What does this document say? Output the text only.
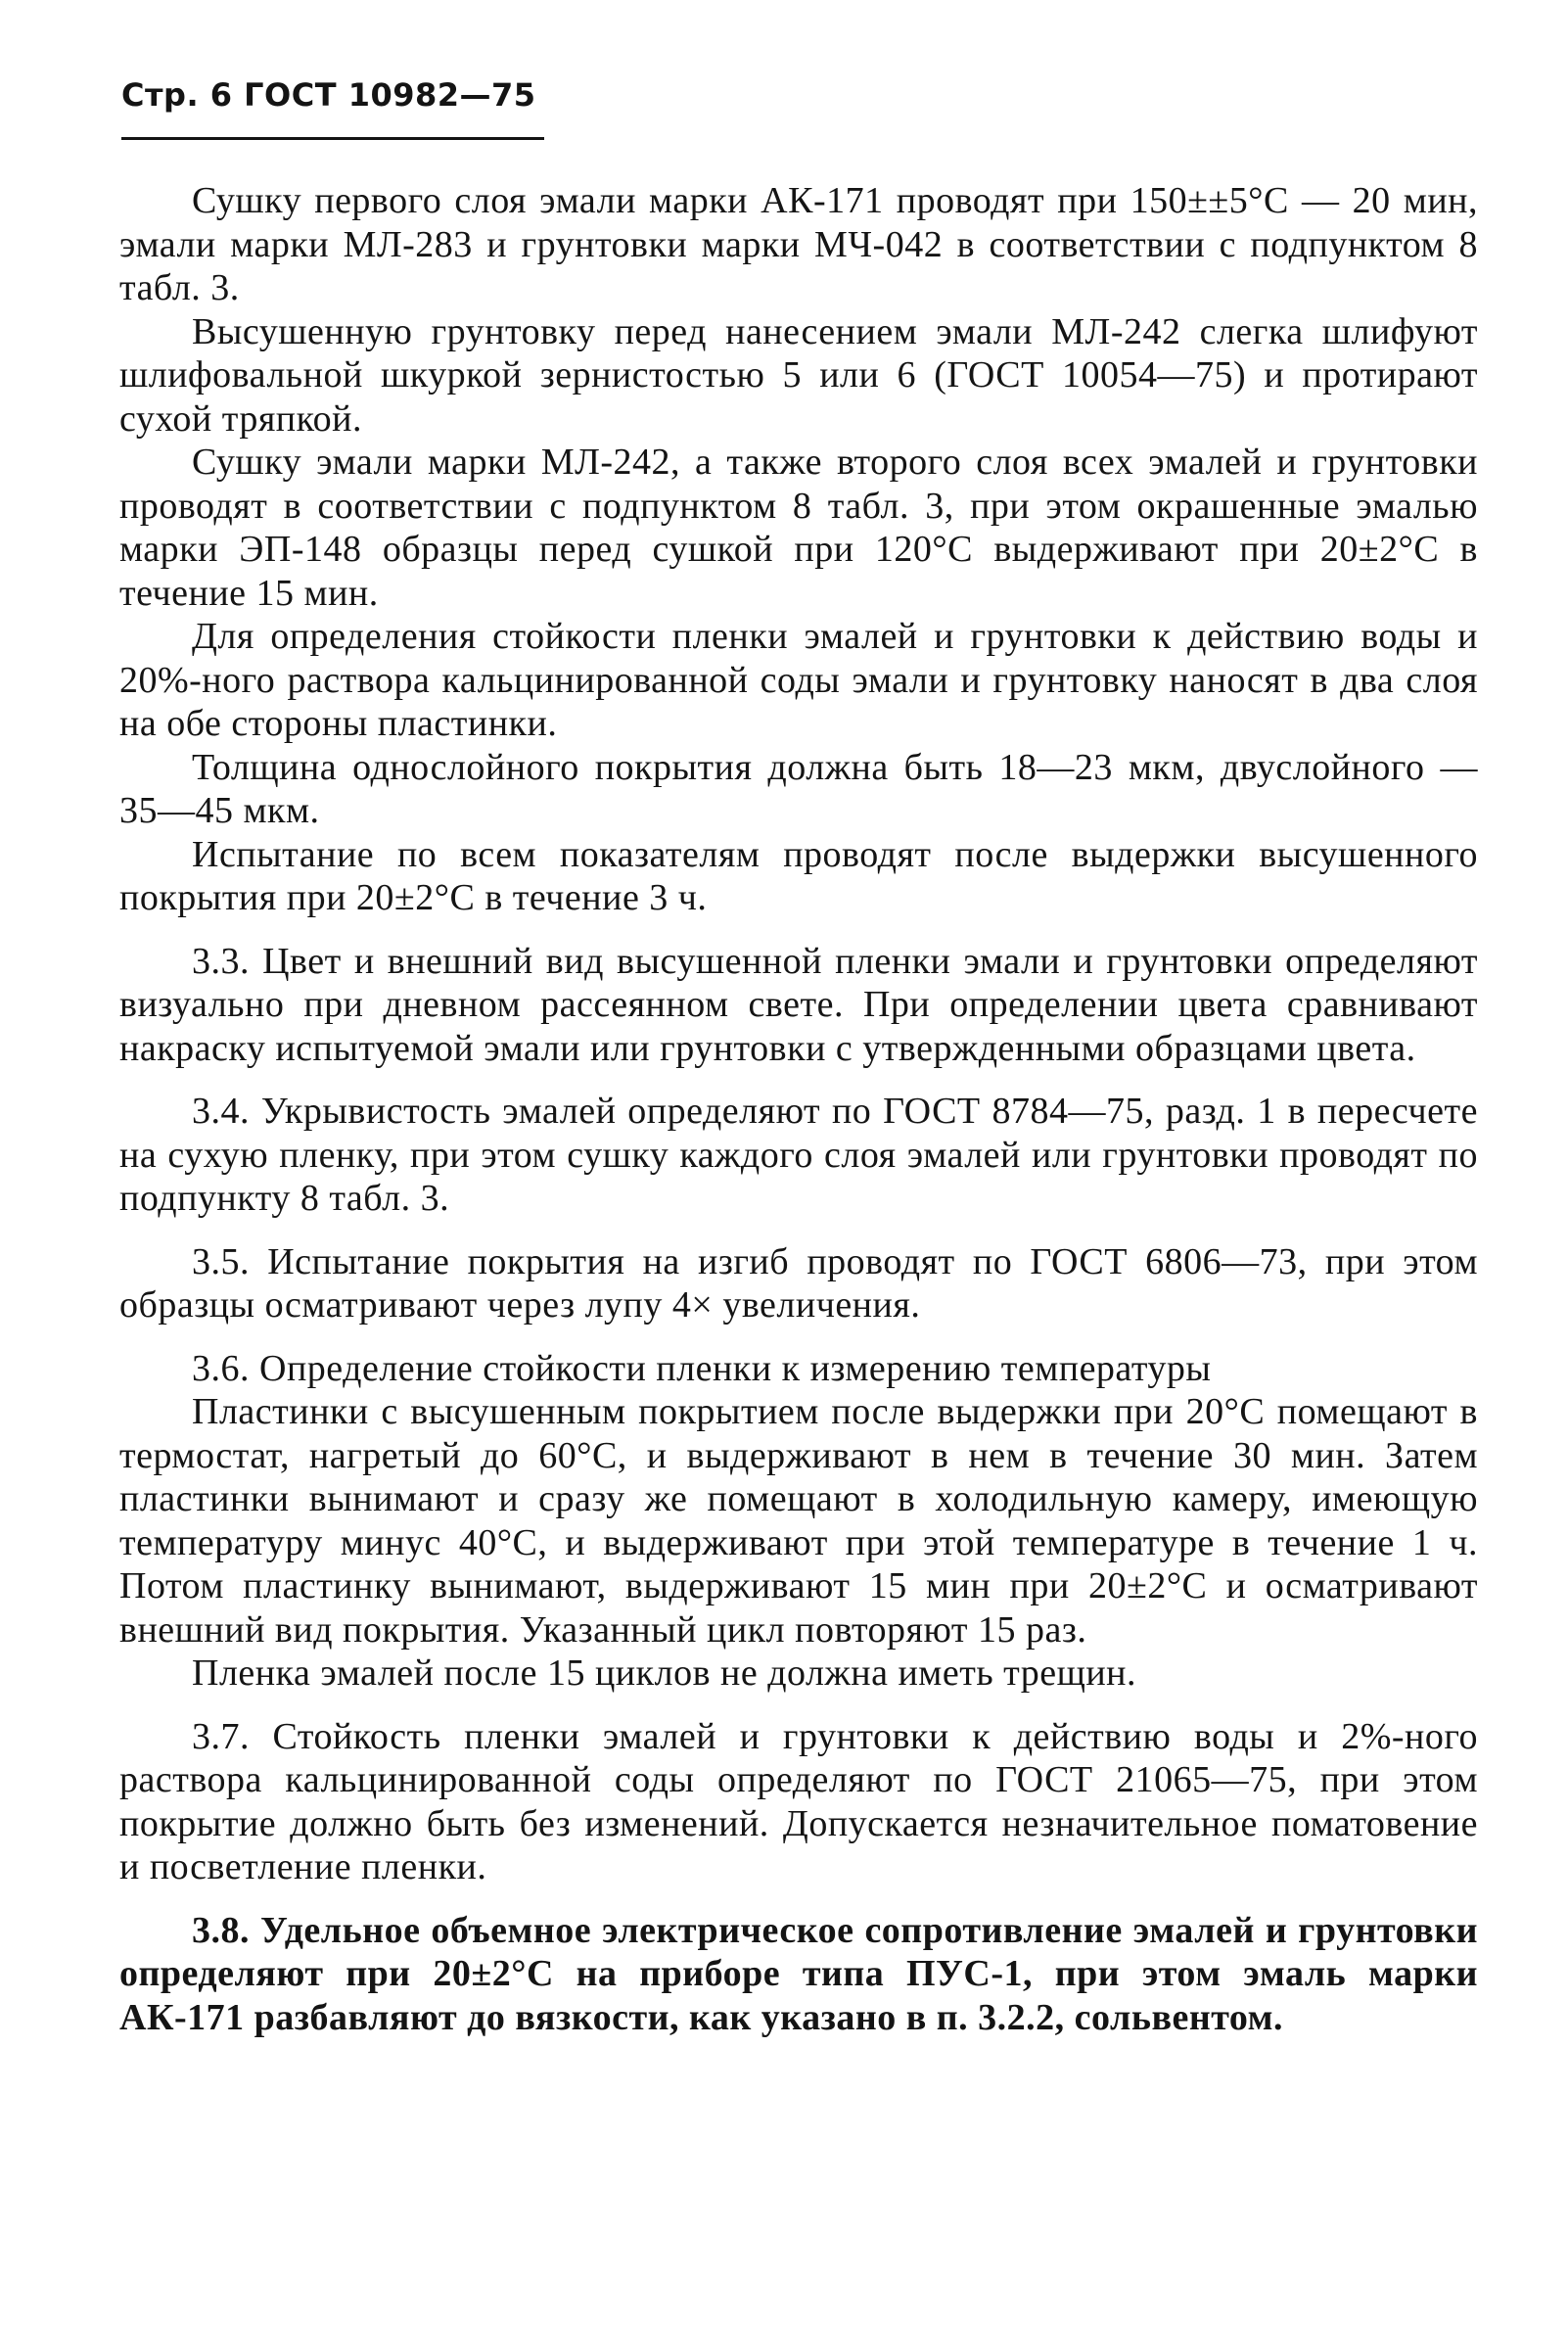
Стр. 6 ГОСТ 10982—75

Сушку первого слоя эмали марки АК-171 проводят при 150±±5°С — 20 мин, эмали марки МЛ-283 и грунтовки марки МЧ-042 в соответствии с подпунктом 8 табл. 3.

Высушенную грунтовку перед нанесением эмали МЛ-242 слегка шлифуют шлифовальной шкуркой зернистостью 5 или 6 (ГОСТ 10054—75) и протирают сухой тряпкой.

Сушку эмали марки МЛ-242, а также второго слоя всех эмалей и грунтовки проводят в соответствии с подпунктом 8 табл. 3, при этом окрашенные эмалью марки ЭП-148 образцы перед сушкой при 120°С выдерживают при 20±2°С в течение 15 мин.

Для определения стойкости пленки эмалей и грунтовки к действию воды и 20%-ного раствора кальцинированной соды эмали и грунтовку наносят в два слоя на обе стороны пластинки.

Толщина однослойного покрытия должна быть 18—23 мкм, двуслойного — 35—45 мкм.

Испытание по всем показателям проводят после выдержки высушенного покрытия при 20±2°С в течение 3 ч.

3.3. Цвет и внешний вид высушенной пленки эмали и грунтовки определяют визуально при дневном рассеянном свете. При определении цвета сравнивают накраску испытуемой эмали или грунтовки с утвержденными образцами цвета.

3.4. Укрывистость эмалей определяют по ГОСТ 8784—75, разд. 1 в пересчете на сухую пленку, при этом сушку каждого слоя эмалей или грунтовки проводят по подпункту 8 табл. 3.

3.5. Испытание покрытия на изгиб проводят по ГОСТ 6806—73, при этом образцы осматривают через лупу 4× увеличения.

3.6. Определение стойкости пленки к измерению температуры

Пластинки с высушенным покрытием после выдержки при 20°С помещают в термостат, нагретый до 60°С, и выдерживают в нем в течение 30 мин. Затем пластинки вынимают и сразу же помещают в холодильную камеру, имеющую температуру минус 40°С, и выдерживают при этой температуре в течение 1 ч. Потом пластинку вынимают, выдерживают 15 мин при 20±2°С и осматривают внешний вид покрытия. Указанный цикл повторяют 15 раз.

Пленка эмалей после 15 циклов не должна иметь трещин.

3.7. Стойкость пленки эмалей и грунтовки к действию воды и 2%-ного раствора кальцинированной соды определяют по ГОСТ 21065—75, при этом покрытие должно быть без изменений. Допускается незначительное поматовение и посветление пленки.

3.8. Удельное объемное электрическое сопротивление эмалей и грунтовки определяют при 20±2°С на приборе типа ПУС-1, при этом эмаль марки АК-171 разбавляют до вязкости, как указано в п. 3.2.2, сольвентом.
